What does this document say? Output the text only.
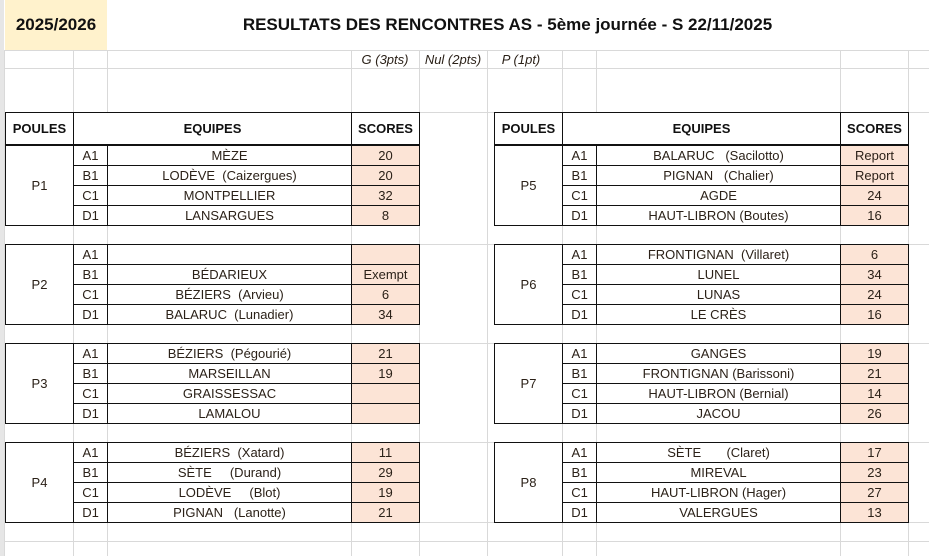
2025/2026	RESULTATS DES RENCONTRES AS - 5ème journée - S 22/11/2025
G (3pts)	Nul (2pts)	P (1pt)
POULES	EQUIPES	SCORES
P1	A1	MÈZE	20
	B1	LODÈVE  (Caizergues)	20
	C1	MONTPELLIER	32
	D1	LANSARGUES	8
P2	A1		
	B1	BÉDARIEUX	Exempt
	C1	BÉZIERS  (Arvieu)	6
	D1	BALARUC  (Lunadier)	34
P3	A1	BÉZIERS  (Pégourié)	21
	B1	MARSEILLAN	19
	C1	GRAISSESSAC	
	D1	LAMALOU	
P4	A1	BÉZIERS  (Xatard)	11
	B1	SÈTE     (Durand)	29
	C1	LODÈVE     (Blot)	19
	D1	PIGNAN   (Lanotte)	21
POULES	EQUIPES	SCORES
P5	A1	BALARUC   (Sacilotto)	Report
	B1	PIGNAN   (Chalier)	Report
	C1	AGDE	24
	D1	HAUT-LIBRON (Boutes)	16
P6	A1	FRONTIGNAN  (Villaret)	6
	B1	LUNEL	34
	C1	LUNAS	24
	D1	LE CRÈS	16
P7	A1	GANGES	19
	B1	FRONTIGNAN (Barissoni)	21
	C1	HAUT-LIBRON (Bernial)	14
	D1	JACOU	26
P8	A1	SÈTE       (Claret)	17
	B1	MIREVAL	23
	C1	HAUT-LIBRON (Hager)	27
	D1	VALERGUES	13
